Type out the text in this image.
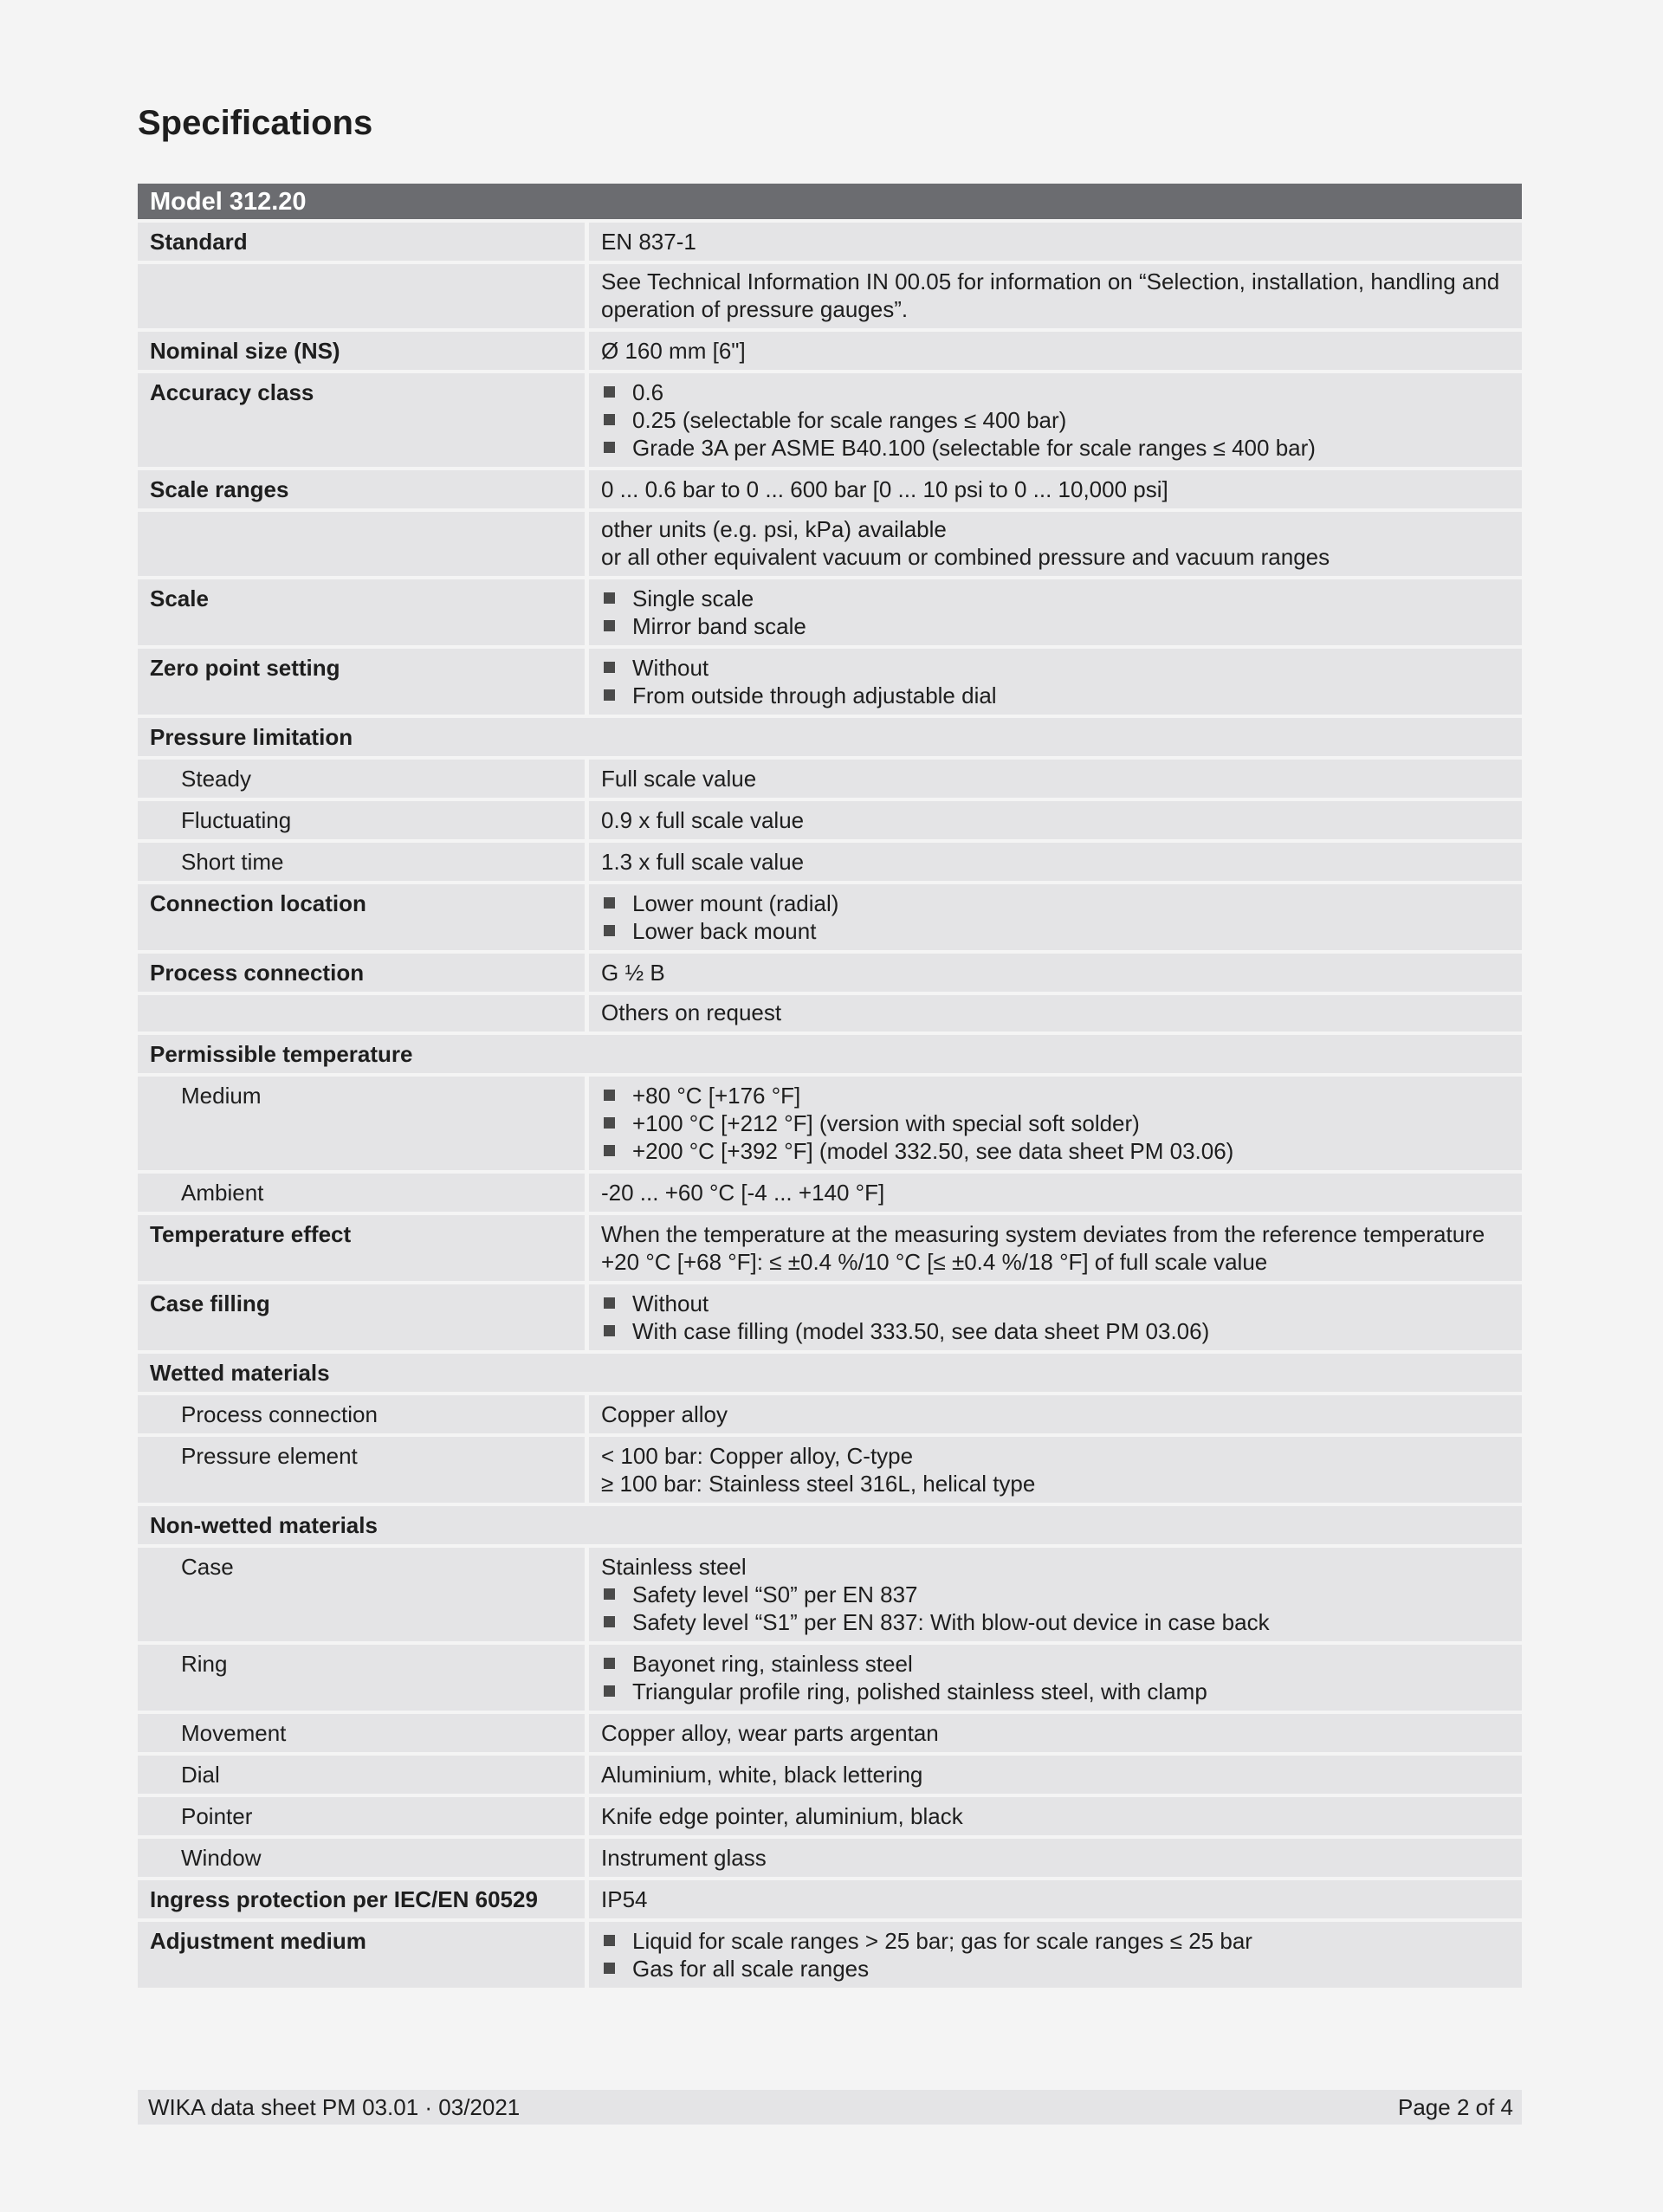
Specifications
Model 312.20	
Standard	EN 837-1

	See Technical Information IN 00.05 for information on “Selection, installation, handling and
operation of pressure gauges”.

Nominal size (NS)	Ø 160 mm [6"]

Accuracy class	0.6
0.25 (selectable for scale ranges ≤ 400 bar)
Grade 3A per ASME B40.100 (selectable for scale ranges ≤ 400 bar)

Scale ranges	0 ... 0.6 bar to 0 ... 600 bar [0 ... 10 psi to 0 ... 10,000 psi]

	other units (e.g. psi, kPa) available
or all other equivalent vacuum or combined pressure and vacuum ranges

Scale	Single scale
Mirror band scale

Zero point setting	Without
From outside through adjustable dial

Pressure limitation	
Steady	Full scale value

Fluctuating	0.9 x full scale value

Short time	1.3 x full scale value

Connection location	Lower mount (radial)
Lower back mount

Process connection	G ½ B

	Others on request

Permissible temperature	
Medium	+80 °C [+176 °F]
+100 °C [+212 °F] (version with special soft solder)
+200 °C [+392 °F] (model 332.50, see data sheet PM 03.06)

Ambient	-20 ... +60 °C [-4 ... +140 °F]

Temperature effect	When the temperature at the measuring system deviates from the reference temperature
+20 °C [+68 °F]: ≤ ±0.4 %/10 °C [≤ ±0.4 %/18 °F] of full scale value

Case filling	Without
With case filling (model 333.50, see data sheet PM 03.06)

Wetted materials	
Process connection	Copper alloy

Pressure element	< 100 bar: Copper alloy, C-type
≥ 100 bar: Stainless steel 316L, helical type

Non-wetted materials	
Case	Stainless steel
Safety level “S0” per EN 837
Safety level “S1” per EN 837: With blow-out device in case back

Ring	Bayonet ring, stainless steel
Triangular profile ring, polished stainless steel, with clamp

Movement	Copper alloy, wear parts argentan

Dial	Aluminium, white, black lettering

Pointer	Knife edge pointer, aluminium, black

Window	Instrument glass

Ingress protection per IEC/EN 60529	IP54

Adjustment medium	Liquid for scale ranges > 25 bar; gas for scale ranges ≤ 25 bar
Gas for all scale ranges
WIKA data sheet PM 03.01 · 03/2021	Page 2 of 4
